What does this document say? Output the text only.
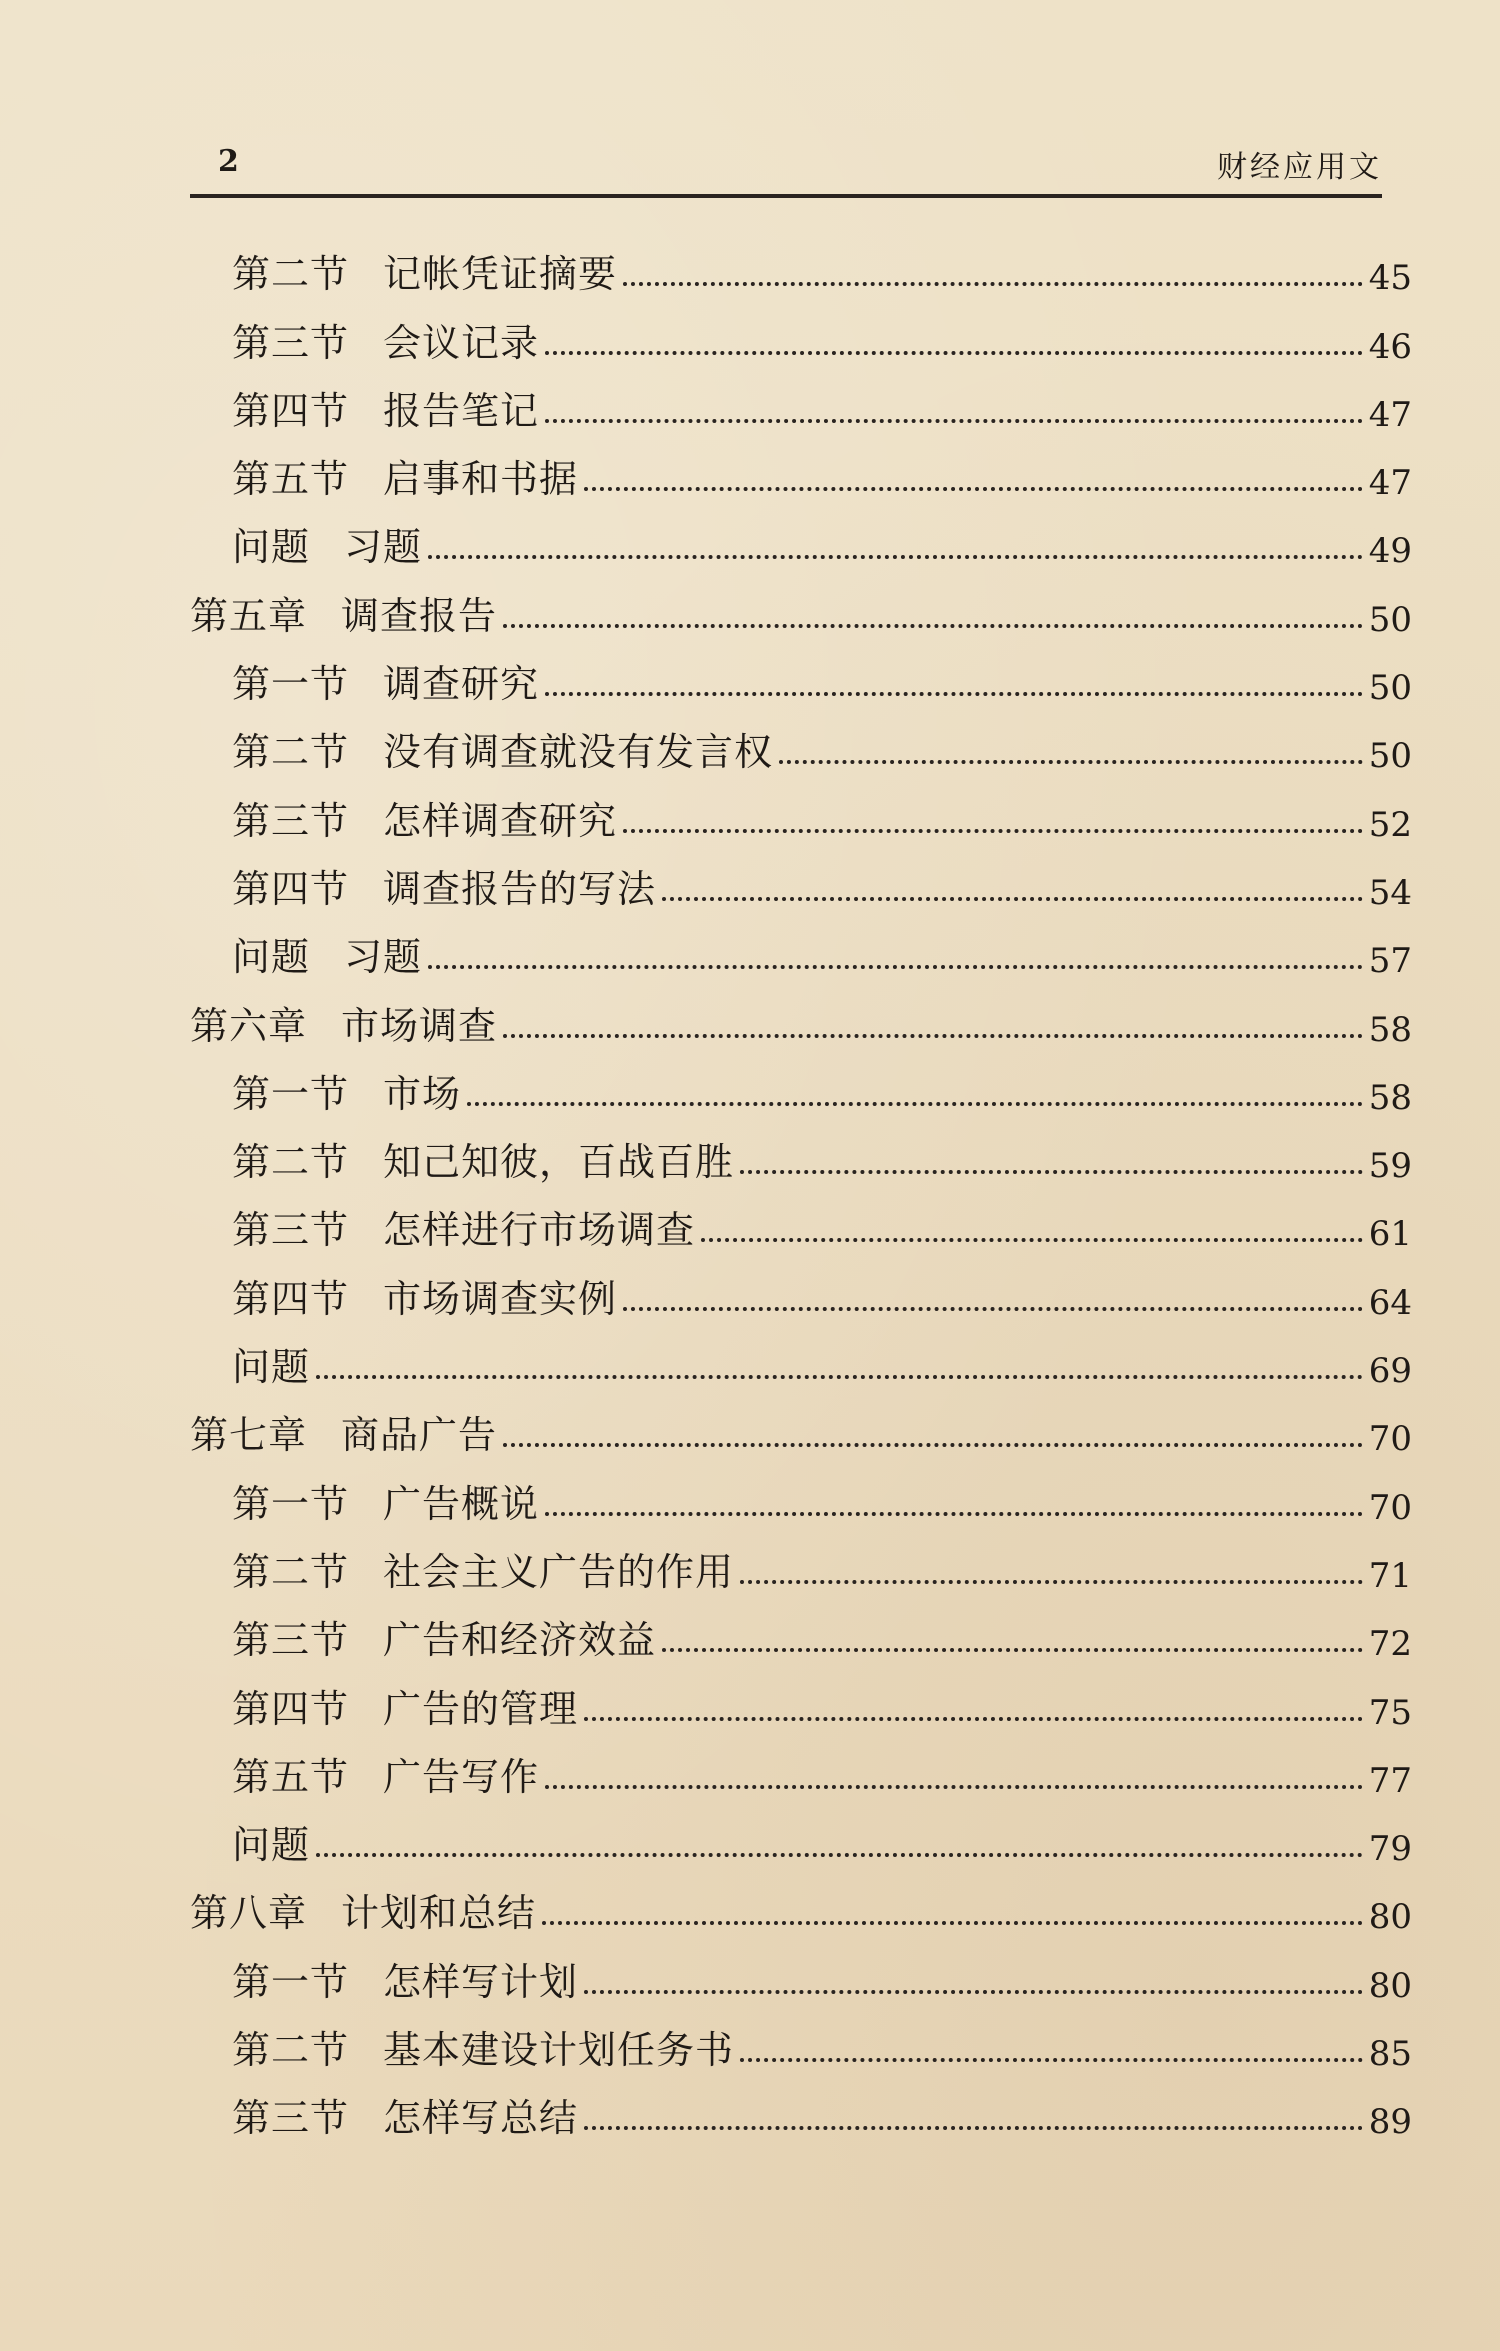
2	财经应用文
第二节 记帐凭证摘要	45
第三节 会议记录	46
第四节 报告笔记	47
第五节 启事和书据	47
问题 习题	49
第五章 调查报告	50
第一节 调查研究	50
第二节 没有调查就没有发言权	50
第三节 怎样调查研究	52
第四节 调查报告的写法	54
问题 习题	57
第六章 市场调查	58
第一节 市场	58
第二节 知己知彼，百战百胜	59
第三节 怎样进行市场调查	61
第四节 市场调查实例	64
问题	69
第七章 商品广告	70
第一节 广告概说	70
第二节 社会主义广告的作用	71
第三节 广告和经济效益	72
第四节 广告的管理	75
第五节 广告写作	77
问题	79
第八章 计划和总结	80
第一节 怎样写计划	80
第二节 基本建设计划任务书	85
第三节 怎样写总结	89
